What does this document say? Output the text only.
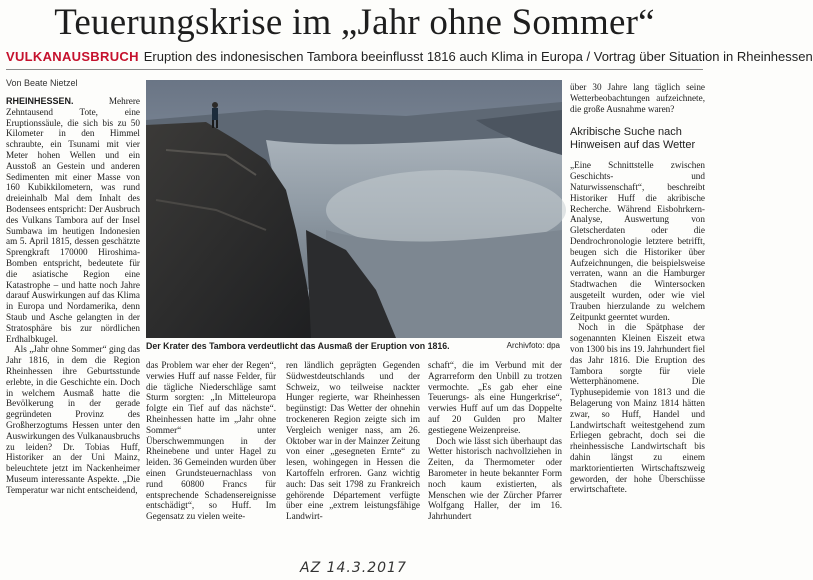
Teuerungskrise im „Jahr ohne Sommer“
VULKANAUSBRUCH Eruption des indonesischen Tambora beeinflusst 1816 auch Klima in Europa / Vortrag über Situation in Rheinhessen
Von Beate Nietzel

RHEINHESSEN.	Mehrere Zehntausend Tote, eine Eruptionssäule, die sich bis zu 50 Kilometer in den Himmel schraubte, ein Tsunami mit vier Meter hohen Wellen und ein Ausstoß an Gestein und anderen Sedimenten mit einer Masse von 160 Kubikkilometern, was rund dreieinhalb Mal dem Inhalt des Bodensees entspricht: Der Ausbruch des Vulkans Tambora auf der Insel Sumbawa im heutigen Indonesien am 5. April 1815, dessen geschätzte Sprengkraft 170000 Hiroshima-Bomben entspricht, bedeutete für die asiatische Region eine Katastrophe – und hatte noch Jahre darauf Auswirkungen auf das Klima in Europa und Nordamerika, denn Staub und Asche gelangten in der Stratosphäre bis zur nördlichen Erdhalbkugel.

Als „Jahr ohne Sommer“ ging das Jahr 1816, in dem die Region Rheinhessen ihre Geburtsstunde erlebte, in die Geschichte ein. Doch in welchem Ausmaß hatte die Bevölkerung in der gerade gegründeten Provinz des Großherzogtums Hessen unter den Auswirkungen des Vulkanausbruchs zu leiden? Dr. Tobias Huff, Historiker an der Uni Mainz, beleuchtete jetzt im Nackenheimer Museum interessante Aspekte. „Die Temperatur war nicht entscheidend,

Der Krater des Tambora verdeutlicht das Ausmaß der Eruption von 1816.	Archivfoto: dpa

das Problem war eher der Regen“, verwies Huff auf nasse Felder, für die tägliche Niederschläge samt Sturm sorgten: „In Mitteleuropa folgte ein Tief auf das nächste“. Rheinhessen hatte im „Jahr ohne Sommer“ unter Überschwemmungen in der Rheinebene und unter Hagel zu leiden. 36 Gemeinden wurden über einen Grundsteuernachlass von rund 60800 Francs für entsprechende Schadensereignisse entschädigt“, so Huff. Im Gegensatz zu vielen weite-

ren ländlich geprägten Gegenden Südwestdeutschlands und der Schweiz, wo teilweise nackter Hunger regierte, war Rheinhessen begünstigt: Das Wetter der ohnehin trockeneren Region zeigte sich im Vergleich weniger nass, am 26. Oktober war in der Mainzer Zeitung von einer „gesegneten Ernte“ zu lesen, wohingegen in Hessen die Kartoffeln erfroren. Ganz wichtig auch: Das seit 1798 zu Frankreich gehörende Département verfügte über eine „extrem leistungsfähige Landwirt-

schaft“, die im Verbund mit der Agrarreform den Unbill zu trotzen vermochte. „Es gab eher eine Teuerungs- als eine Hungerkrise“, verwies Huff auf um das Doppelte auf 20 Gulden pro Malter gestiegene Weizenpreise.

Doch wie lässt sich überhaupt das Wetter historisch nachvollziehen in Zeiten, da Thermometer oder Barometer in heute bekannter Form noch kaum existierten, als Menschen wie der Zürcher Pfarrer Wolfgang Haller, der im 16. Jahrhundert

über 30 Jahre lang täglich seine Wetterbeobachtungen aufzeichnete, die große Ausnahme waren?

Akribische Suche nach Hinweisen auf das Wetter

„Eine Schnittstelle zwischen Geschichts- und Naturwissenschaft“, beschreibt Historiker Huff die akribische Recherche. Während Eisbohrkern-Analyse, Auswertung von Gletscherdaten oder die Dendrochronologie letztere betrifft, beugen sich die Historiker über Aufzeichnungen, die beispielsweise verraten, wann an die Hamburger Stadtwachen die Wintersocken ausgeteilt wurden, oder wie viel Trauben hierzulande zu welchem Zeitpunkt geerntet wurden.

Noch in die Spätphase der sogenannten Kleinen Eiszeit etwa von 1300 bis ins 19. Jahrhundert fiel das Jahr 1816. Die Eruption des Tambora sorgte für viele Wetterphänomene. Die Typhusepidemie von 1813 und die Belagerung von Mainz 1814 hätten zwar, so Huff, Handel und Landwirtschaft weitestgehend zum Erliegen gebracht, doch sei die rheinhessische Landwirtschaft bis dahin längst zu einem marktorientierten Wirtschaftszweig geworden, der hohe Überschüsse erwirtschaftete.

AZ 14.3.2017
